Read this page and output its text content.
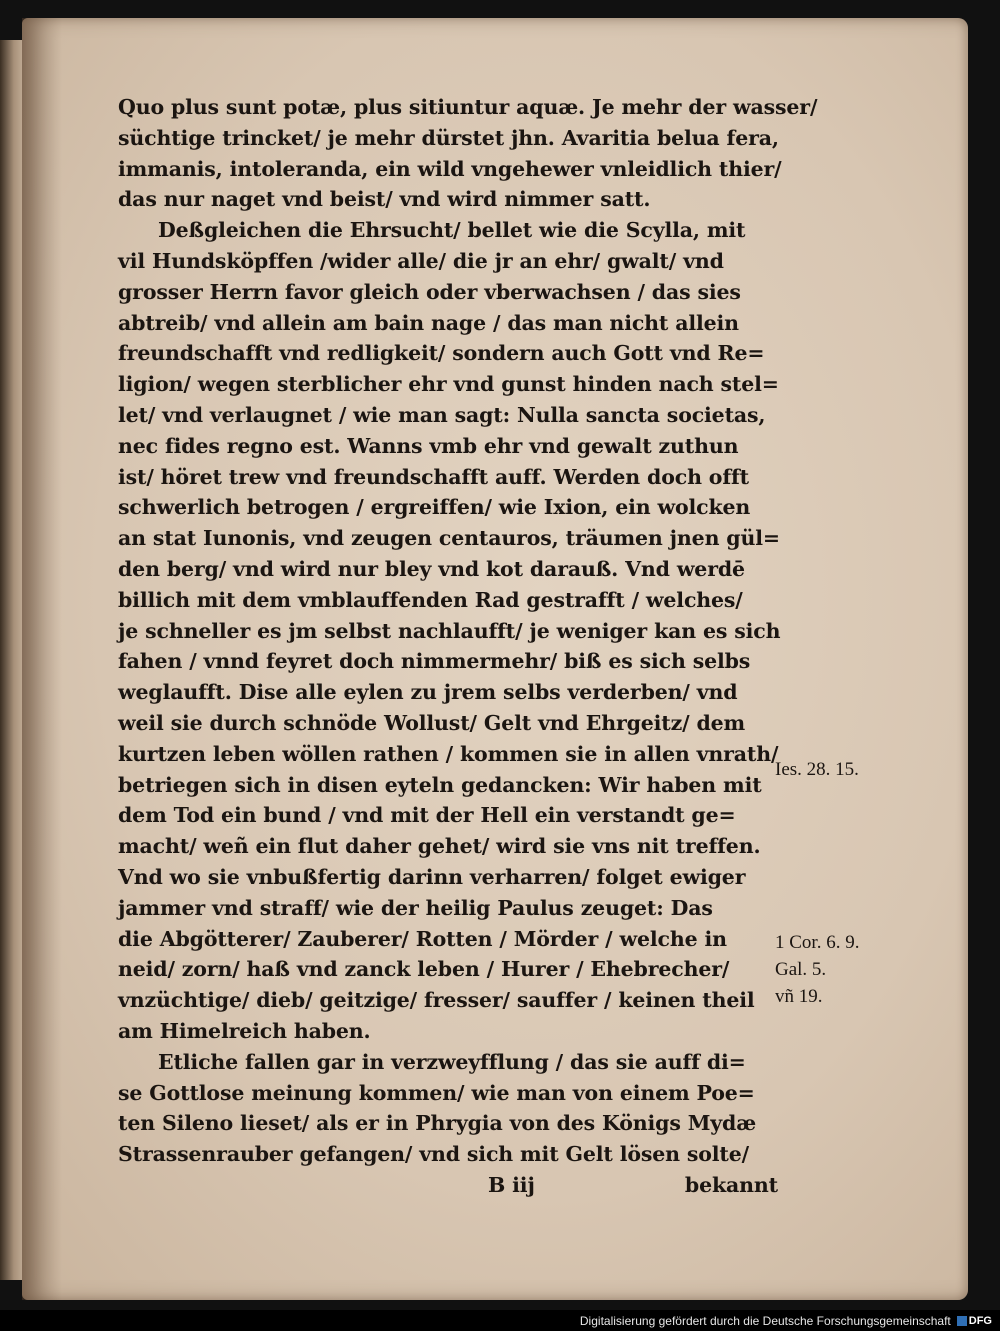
Quo plus sunt potæ, plus sitiuntur aquæ. Je mehr der wasser/
süchtige trincket/ je mehr dürstet jhn. Avaritia belua fera,
immanis, intoleranda, ein wild vngehewer vnleidlich thier/
das nur naget vnd beist/ vnd wird nimmer satt.
Deßgleichen die Ehrsucht/ bellet wie die Scylla, mit
vil Hundsköpffen /wider alle/ die jr an ehr/ gwalt/ vnd
grosser Herrn favor gleich oder vberwachsen / das sies
abtreib/ vnd allein am bain nage / das man nicht allein
freundschafft vnd redligkeit/ sondern auch Gott vnd Re=
ligion/ wegen sterblicher ehr vnd gunst hinden nach stel=
let/ vnd verlaugnet / wie man sagt: Nulla sancta societas,
nec fides regno est. Wanns vmb ehr vnd gewalt zuthun
ist/ höret trew vnd freundschafft auff. Werden doch offt
schwerlich betrogen / ergreiffen/ wie Ixion, ein wolcken
an stat Iunonis, vnd zeugen centauros, träumen jnen gül=
den berg/ vnd wird nur bley vnd kot darauß. Vnd werdē
billich mit dem vmblauffenden Rad gestrafft / welches/
je schneller es jm selbst nachlaufft/ je weniger kan es sich
fahen / vnnd feyret doch nimmermehr/ biß es sich selbs
weglaufft. Dise alle eylen zu jrem selbs verderben/ vnd
weil sie durch schnöde Wollust/ Gelt vnd Ehrgeitz/ dem
kurtzen leben wöllen rathen / kommen sie in allen vnrath/
betriegen sich in disen eyteln gedancken: Wir haben mit
dem Tod ein bund / vnd mit der Hell ein verstandt ge=
macht/ weñ ein flut daher gehet/ wird sie vns nit treffen.
Vnd wo sie vnbußfertig darinn verharren/ folget ewiger
jammer vnd straff/ wie der heilig Paulus zeuget: Das
die Abgötterer/ Zauberer/ Rotten / Mörder / welche in
neid/ zorn/ haß vnd zanck leben / Hurer / Ehebrecher/
vnzüchtige/ dieb/ geitzige/ fresser/ sauffer / keinen theil
am Himelreich haben.
Etliche fallen gar in verzweyfflung / das sie auff di=
se Gottlose meinung kommen/ wie man von einem Poe=
ten Sileno lieset/ als er in Phrygia von des Königs Mydæ
Strassenrauber gefangen/ vnd sich mit Gelt lösen solte/
B iij	bekannt
Ies. 28. 15.
1 Cor. 6. 9.
Gal. 5.
vñ 19.
Digitalisierung gefördert durch die Deutsche Forschungsgemeinschaft	DFG
